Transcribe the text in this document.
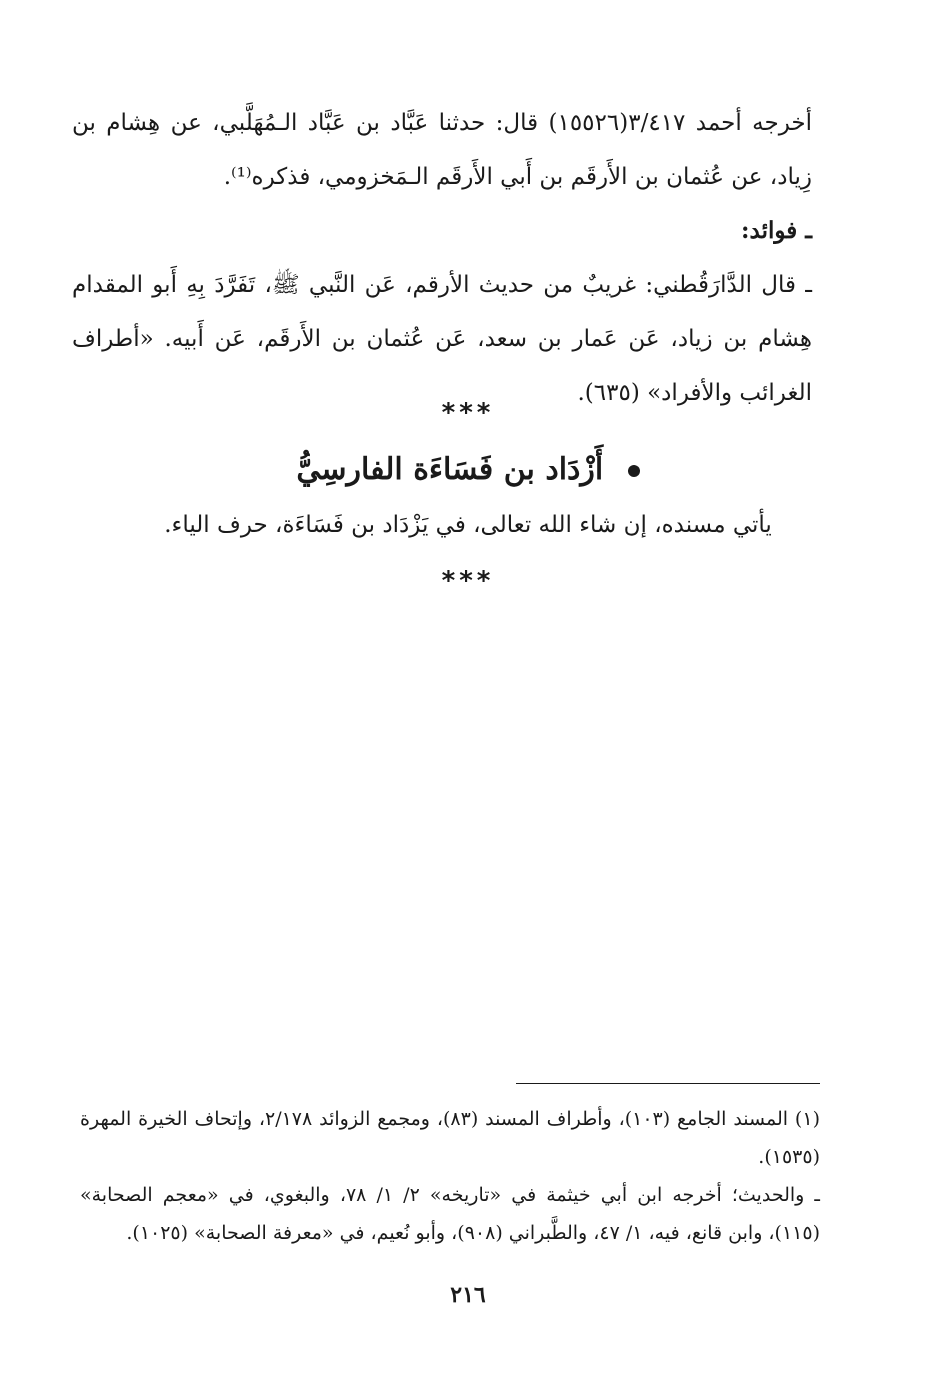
أخرجه أحمد ٣/٤١٧(١٥٥٢٦) قال: حدثنا عَبَّاد بن عَبَّاد الـمُهَلَّبي، عن هِشام بن زِياد، عن عُثمان بن الأَرقَم بن أَبي الأَرقَم الـمَخزومي، فذكره⁽¹⁾.

ـ فوائد:

ـ قال الدَّارَقُطني: غريبٌ من حديث الأرقم، عَن النَّبي ﷺ، تَفَرَّدَ بِهِ أَبو المقدام هِشام بن زياد، عَن عَمار بن سعد، عَن عُثمان بن الأَرقَم، عَن أَبيه. «أطراف الغرائب والأفراد» (٦٣٥).

***
أَزْدَاد بن فَسَاءَة الفارسِيُّ
يأتي مسنده، إن شاء الله تعالى، في يَزْدَاد بن فَسَاءَة، حرف الياء.
***

(١) المسند الجامع (١٠٣)، وأطراف المسند (٨٣)، ومجمع الزوائد ٢/١٧٨، وإتحاف الخيرة المهرة (١٥٣٥).

ـ والحديث؛ أخرجه ابن أبي خيثمة في «تاريخه» ٢/ ١/ ٧٨، والبغوي، في «معجم الصحابة» (١١٥)، وابن قانع، فيه، ١/ ٤٧، والطَّبراني (٩٠٨)، وأبو نُعيم، في «معرفة الصحابة» (١٠٢٥).

٢١٦
